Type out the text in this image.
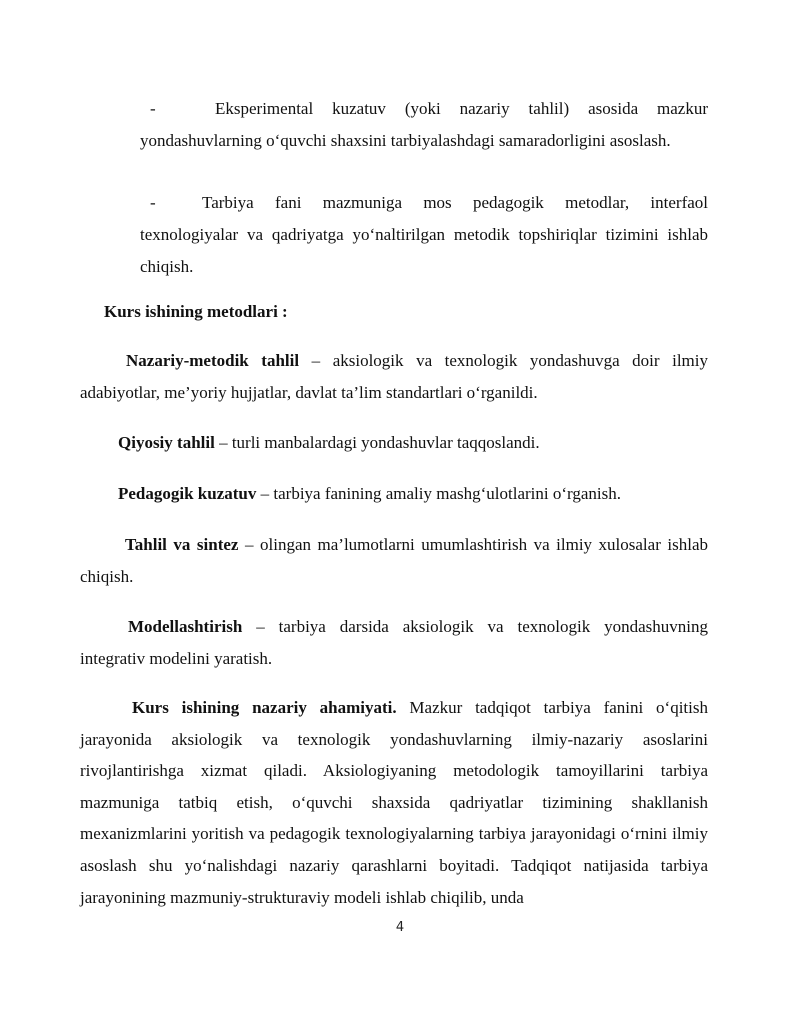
-	Eksperimental kuzatuv (yoki nazariy tahlil) asosida mazkur yondashuvlarning o‘quvchi shaxsini tarbiyalashdagi samaradorligini asoslash.

-	Tarbiya fani mazmuniga mos pedagogik metodlar, interfaol texnologiyalar va qadriyatga yo‘naltirilgan metodik topshiriqlar tizimini ishlab chiqish.

Kurs ishining metodlari :

Nazariy-metodik tahlil – aksiologik va texnologik yondashuvga doir ilmiy adabiyotlar, me’yoriy hujjatlar, davlat ta’lim standartlari o‘rganildi.

Qiyosiy tahlil – turli manbalardagi yondashuvlar taqqoslandi.

Pedagogik kuzatuv – tarbiya fanining amaliy mashg‘ulotlarini o‘rganish.

Tahlil va sintez – olingan ma’lumotlarni umumlashtirish va ilmiy xulosalar ishlab chiqish.

Modellashtirish – tarbiya darsida aksiologik va texnologik yondashuvning integrativ modelini yaratish.

Kurs ishining nazariy ahamiyati. Mazkur tadqiqot tarbiya fanini o‘qitish jarayonida aksiologik va texnologik yondashuvlarning ilmiy-nazariy asoslarini rivojlantirishga xizmat qiladi. Aksiologiyaning metodologik tamoyillarini tarbiya mazmuniga tatbiq etish, o‘quvchi shaxsida qadriyatlar tizimining shakllanish mexanizmlarini yoritish va pedagogik texnologiyalarning tarbiya jarayonidagi o‘rnini ilmiy asoslash shu yo‘nalishdagi nazariy qarashlarni boyitadi. Tadqiqot natijasida tarbiya jarayonining mazmuniy-strukturaviy modeli ishlab chiqilib, unda

4
